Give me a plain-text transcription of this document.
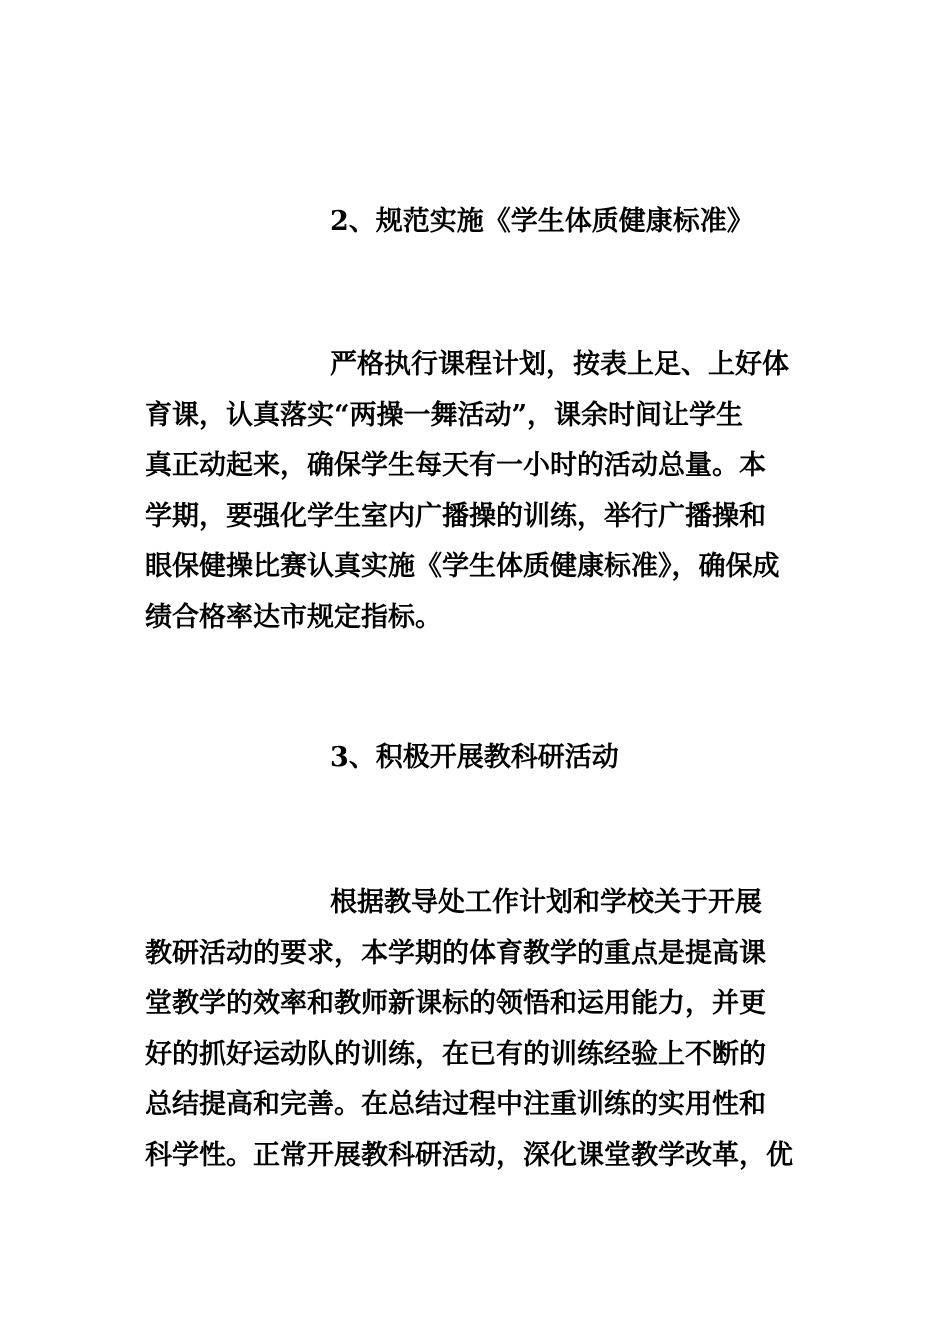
2、规范实施《学生体质健康标准》
严格执行课程计划，按表上足、上好体
育课，认真落实“两操一舞活动”，课余时间让学生
真正动起来，确保学生每天有一小时的活动总量。本
学期，要强化学生室内广播操的训练，举行广播操和
眼保健操比赛认真实施《学生体质健康标准》，确保成
绩合格率达市规定指标。
3、积极开展教科研活动
根据教导处工作计划和学校关于开展
教研活动的要求，本学期的体育教学的重点是提高课
堂教学的效率和教师新课标的领悟和运用能力，并更
好的抓好运动队的训练，在已有的训练经验上不断的
总结提高和完善。在总结过程中注重训练的实用性和
科学性。正常开展教科研活动，深化课堂教学改革，优
